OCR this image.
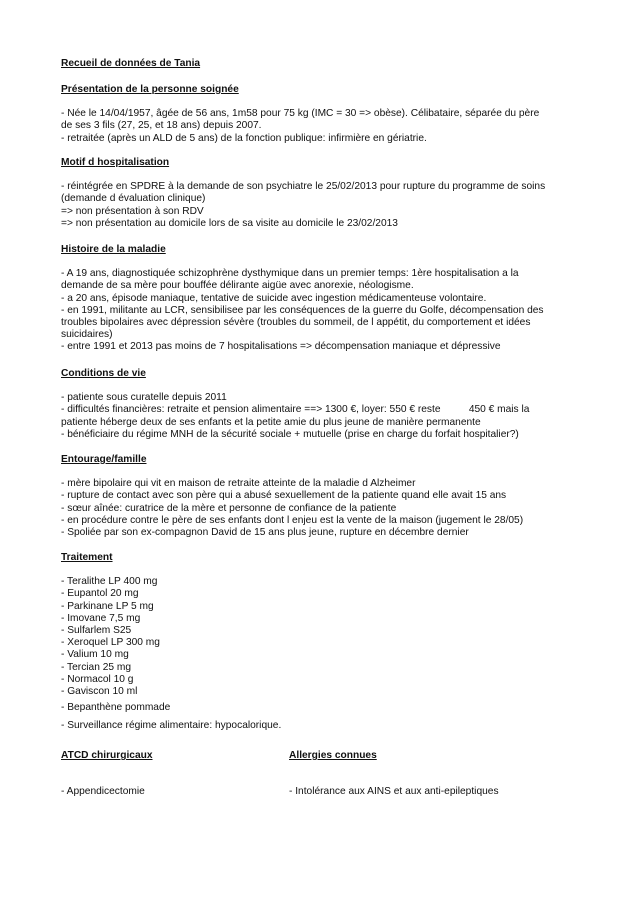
Recueil de données de Tania
Présentation de la personne soignée
- Née le 14/04/1957, âgée de 56 ans, 1m58 pour 75 kg (IMC = 30 => obèse). Célibataire, séparée du père
de ses 3 fils (27, 25, et 18 ans) depuis 2007.
- retraitée (après un ALD de 5 ans) de la fonction publique: infirmière en gériatrie.
Motif d hospitalisation
- réintégrée en SPDRE à la demande de son psychiatre le 25/02/2013 pour rupture du programme de soins
(demande d évaluation clinique)
=> non présentation à son RDV
=> non présentation au domicile lors de sa visite au domicile le 23/02/2013
Histoire de la maladie
- A 19 ans, diagnostiquée schizophrène dysthymique dans un premier temps: 1ère hospitalisation a la
demande de sa mère pour bouffée délirante aigüe avec anorexie, néologisme.
- a 20 ans, épisode maniaque, tentative de suicide avec ingestion médicamenteuse volontaire.
- en 1991, militante au LCR, sensibilisee par les conséquences de la guerre du Golfe, décompensation des
troubles bipolaires avec dépression sévère (troubles du sommeil, de l appétit, du comportement et idées
suicidaires)
- entre 1991 et 2013 pas moins de 7 hospitalisations => décompensation maniaque et dépressive
Conditions de vie
- patiente sous curatelle depuis 2011
- difficultés financières: retraite et pension alimentaire ==> 1300 €, loyer: 550 € reste          450 € mais la
patiente héberge deux de ses enfants et la petite amie du plus jeune de manière permanente
- bénéficiaire du régime MNH de la sécurité sociale + mutuelle (prise en charge du forfait hospitalier?)
Entourage/famille
- mère bipolaire qui vit en maison de retraite atteinte de la maladie d Alzheimer
- rupture de contact avec son père qui a abusé sexuellement de la patiente quand elle avait 15 ans
- sœur aînée: curatrice de la mère et personne de confiance de la patiente
- en procédure contre le père de ses enfants dont l enjeu est la vente de la maison (jugement le 28/05)
- Spoliée par son ex-compagnon David de 15 ans plus jeune, rupture en décembre dernier
Traitement
- Teralithe LP 400 mg
- Eupantol 20 mg
- Parkinane LP 5 mg
- Imovane 7,5 mg
- Sulfarlem S25
- Xeroquel LP 300 mg
- Valium 10 mg
- Tercian 25 mg
- Normacol 10 g
- Gaviscon 10 ml
- Bepanthène pommade
- Surveillance régime alimentaire: hypocalorique.
ATCD chirurgicaux
- Appendicectomie
Allergies connues
- Intolérance aux AINS et aux anti-epileptiques
